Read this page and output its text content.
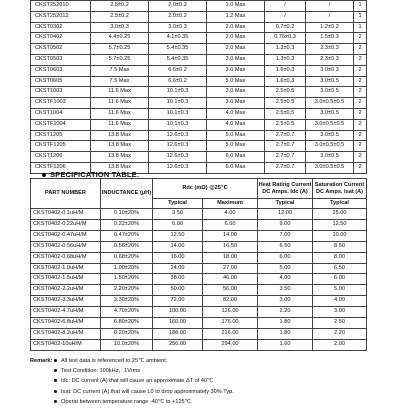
CKST252010	2.5±0.2	2.0±0.2	1.0 Max	/	/	1
CKST252012	2.5±0.2	2.0±0.2	1.2 Max	/	/	1
CKST0302	3.0±0.3	3.0±0.3	2.0 Max	0.7±0.2	1.2±0.2	1
CKST0402	4.4±0.25	4.1±0.35	2.0 Max	0.76±0.3	1.5±0.3	2
CKST0502	5.7±0.25	5.4±0.35	2.0 Max	1.3±0.3	2.3±0.3	2
CKST0503	5.7±0.25	5.4±0.35	3.0 Max	1.3±0.3	2.3±0.3	2
CKST0603	7.5 Max	6.6±0.2	3.0 Max	1.6±0.3	3.0±0.3	2
CKST0605	7.5 Max	6.6±0.2	5.0 Max	1.6±0.3	3.0±0.5	2
CKST1003	11.6 Max	10.1±0.3	3.0 Max	2.5±0.5	3.0±0.5	2
CKSTF1003	11.6 Max	10.1±0.3	3.0 Max	2.5±0.5	3.0±0.5±0.5	2
CKST1004	11.6 Max	10.1±0.3	4.0 Max	2.5±0.5	3.0±0.5	2
CKSTF1004	11.6 Max	10.1±0.3	4.0 Max	2.5±0.5	3.0±0.5±0.5	2
CKST1205	13.8 Max	12.6±0.3	5.0 Max	2.7±0.7	3.0±0.5	2
CKSTF1205	13.8 Max	12.6±0.3	5.0 Max	2.7±0.7	3.0±0.5±0.5	2
CKST1206	13.8 Max	12.6±0.3	6.0 Max	2.7±0.7	3.0±0.5	2
CKSTF1206	13.8 Max	12.6±0.3	6.0 Max	2.7±0.7	3.0±0.5±0.5	2
SPECIFICATION TABLE:
PART NUMBER	INDUCTANCE (μH)	Rdc (mΩ) @25℃		Heat Rating Current DC Amps. Idc (A)	Saturation Current DC Amps. Isat (A)
		Typical	Maximum	Typical	Typical
CKST0402-0.1uH/M	0.10±20%	3.50	4.00	12.00	25.00
CKST0402-0.22uH/M	0.22±20%	6.00	6.60	9.00	12.50
CKST0402-0.47uH/M	0.47±20%	12.50	14.00	7.00	10.00
CKST0402-0.56uH/M	0.56±20%	14.00	16.50	6.50	8.50
CKST0402-0.68uH/M	0.68±20%	16.00	18.00	6.00	8.00
CKST0402-1.0uH/M	1.00±20%	24.00	27.00	5.00	6.50
CKST0402-1.5uH/M	1.50±20%	38.00	46.00	4.00	6.00
CKST0402-2.2uH/M	2.20±20%	50.00	56.00	3.50	5.00
CKST0402-3.3uH/M	3.30±20%	72.00	82.00	3.00	4.00
CKST0402-4.7uH/M	4.70±20%	100.00	126.00	2.20	3.00
CKST0402-6.8uH/M	6.80±20%	160.00	176.00	1.80	2.50
CKST0402-8.2uH/M	8.20±20%	188.00	216.00	1.80	2.20
CKST0402-10uH/M	10.0±20%	256.00	294.00	1.60	2.00
Remark: All test data is referenced to 25℃ ambient.
Test Condition: 100kHz，1Vrms
Idc: DC current (A) that will cause an approximate ΔT of 40℃
Isat: DC current (A) that will cause L0 to drop approximately 30% Typ.
Operat between temperature range -40℃ to +125℃
